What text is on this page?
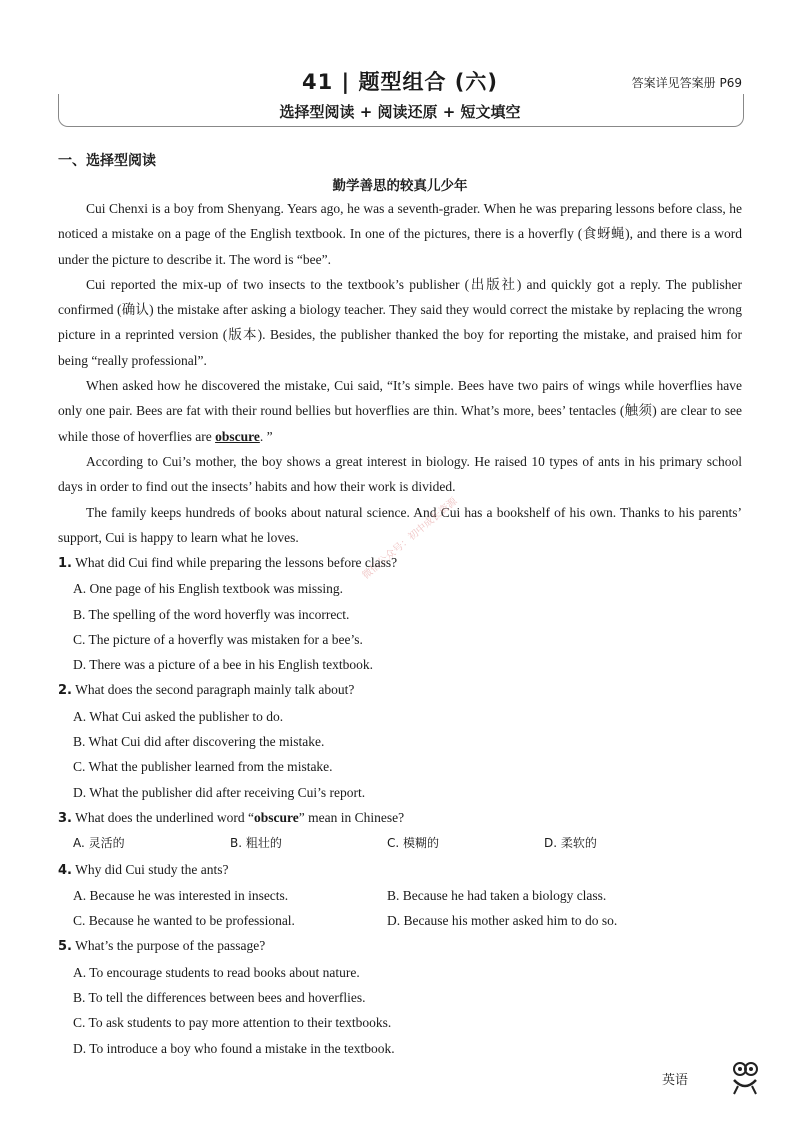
41 | 题型组合 (六)	答案详见答案册 P69
选择型阅读 + 阅读还原 + 短文填空
一、选择型阅读
勤学善思的较真儿少年

Cui Chenxi is a boy from Shenyang. Years ago, he was a seventh-grader. When he was preparing lessons before class, he noticed a mistake on a page of the English textbook. In one of the pictures, there is a hoverfly (食蚜蝇), and there is a word under the picture to describe it. The word is “bee”.

Cui reported the mix-up of two insects to the textbook’s publisher (出版社) and quickly got a reply. The publisher confirmed (确认) the mistake after asking a biology teacher. They said they would correct the mistake by replacing the wrong picture in a reprinted version (版本). Besides, the publisher thanked the boy for reporting the mistake, and praised him for being “really professional”.

When asked how he discovered the mistake, Cui said, “It’s simple. Bees have two pairs of wings while hoverflies have only one pair. Bees are fat with their round bellies but hoverflies are thin. What’s more, bees’ tentacles (触须) are clear to see while those of hoverflies are obscure. ”

According to Cui’s mother, the boy shows a great interest in biology. He raised 10 types of ants in his primary school days in order to find out the insects’ habits and how their work is divided.

The family keeps hundreds of books about natural science. And Cui has a bookshelf of his own. Thanks to his parents’ support, Cui is happy to learn what he loves.	微信公众号：初中成长资源
1. What did Cui find while preparing the lessons before class?
A. One page of his English textbook was missing.
B. The spelling of the word hoverfly was incorrect.
C. The picture of a hoverfly was mistaken for a bee’s.
D. There was a picture of a bee in his English textbook.
2. What does the second paragraph mainly talk about?
A. What Cui asked the publisher to do.
B. What Cui did after discovering the mistake.
C. What the publisher learned from the mistake.
D. What the publisher did after receiving Cui’s report.
3. What does the underlined word “obscure” mean in Chinese?
A. 灵活的	B. 粗壮的	C. 模糊的	D. 柔软的
4. Why did Cui study the ants?
A. Because he was interested in insects.	B. Because he had taken a biology class.
C. Because he wanted to be professional.	D. Because his mother asked him to do so.
5. What’s the purpose of the passage?
A. To encourage students to read books about nature.
B. To tell the differences between bees and hoverflies.
C. To ask students to pay more attention to their textbooks.
D. To introduce a boy who found a mistake in the textbook.
英语
